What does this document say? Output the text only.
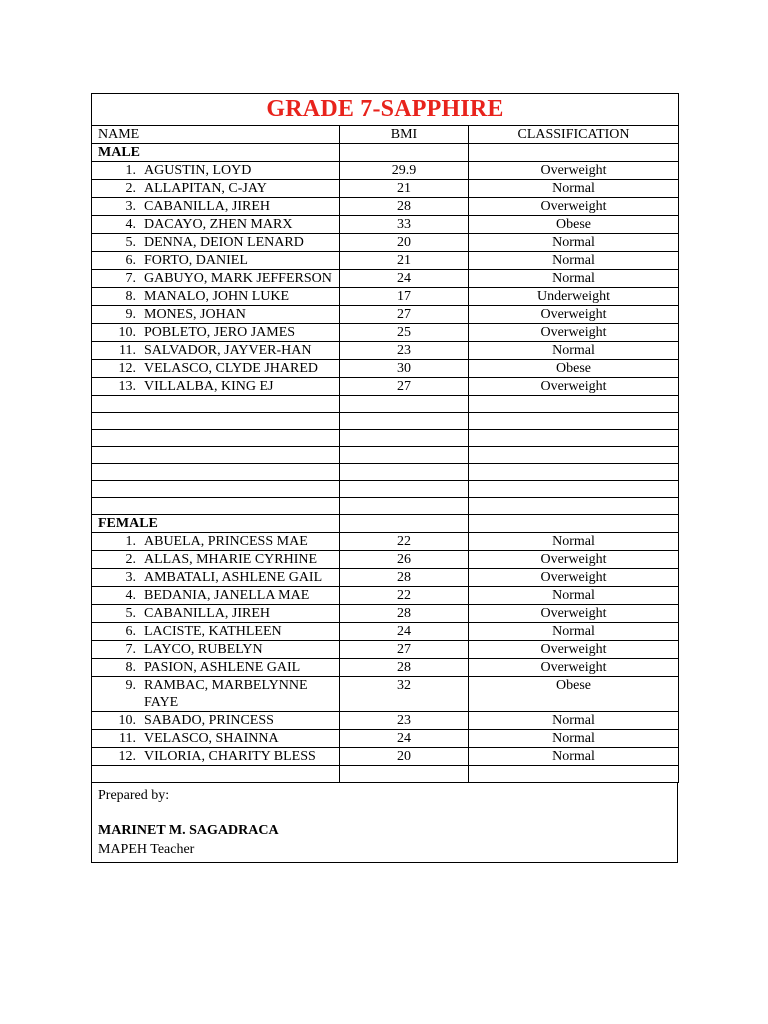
GRADE 7-SAPPHIRE		
NAME	BMI	CLASSIFICATION
MALE		

1. AGUSTIN, LOYD	29.9	Overweight

2. ALLAPITAN, C-JAY	21	Normal

3. CABANILLA, JIREH	28	Overweight

4. DACAYO, ZHEN MARX	33	Obese

5. DENNA, DEION LENARD	20	Normal

6. FORTO, DANIEL	21	Normal

7. GABUYO, MARK JEFFERSON	24	Normal

8. MANALO, JOHN LUKE	17	Underweight

9. MONES, JOHAN	27	Overweight

10. POBLETO, JERO JAMES	25	Overweight

11. SALVADOR, JAYVER-HAN	23	Normal

12. VELASCO, CLYDE JHARED	30	Obese

13. VILLALBA, KING EJ	27	Overweight

FEMALE		

1. ABUELA, PRINCESS MAE	22	Normal

2. ALLAS, MHARIE CYRHINE	26	Overweight

3. AMBATALI, ASHLENE GAIL	28	Overweight

4. BEDANIA, JANELLA MAE	22	Normal

5. CABANILLA, JIREH	28	Overweight

6. LACISTE, KATHLEEN	24	Normal

7. LAYCO, RUBELYN	27	Overweight

8. PASION, ASHLENE GAIL	28	Overweight

9. RAMBAC, MARBELYNNE FAYE	32	Obese

10. SABADO, PRINCESS	23	Normal

11. VELASCO, SHAINNA	24	Normal

12. VILORIA, CHARITY BLESS	20	Normal

Prepared by:
MARINET M. SAGADRACA
MAPEH Teacher
